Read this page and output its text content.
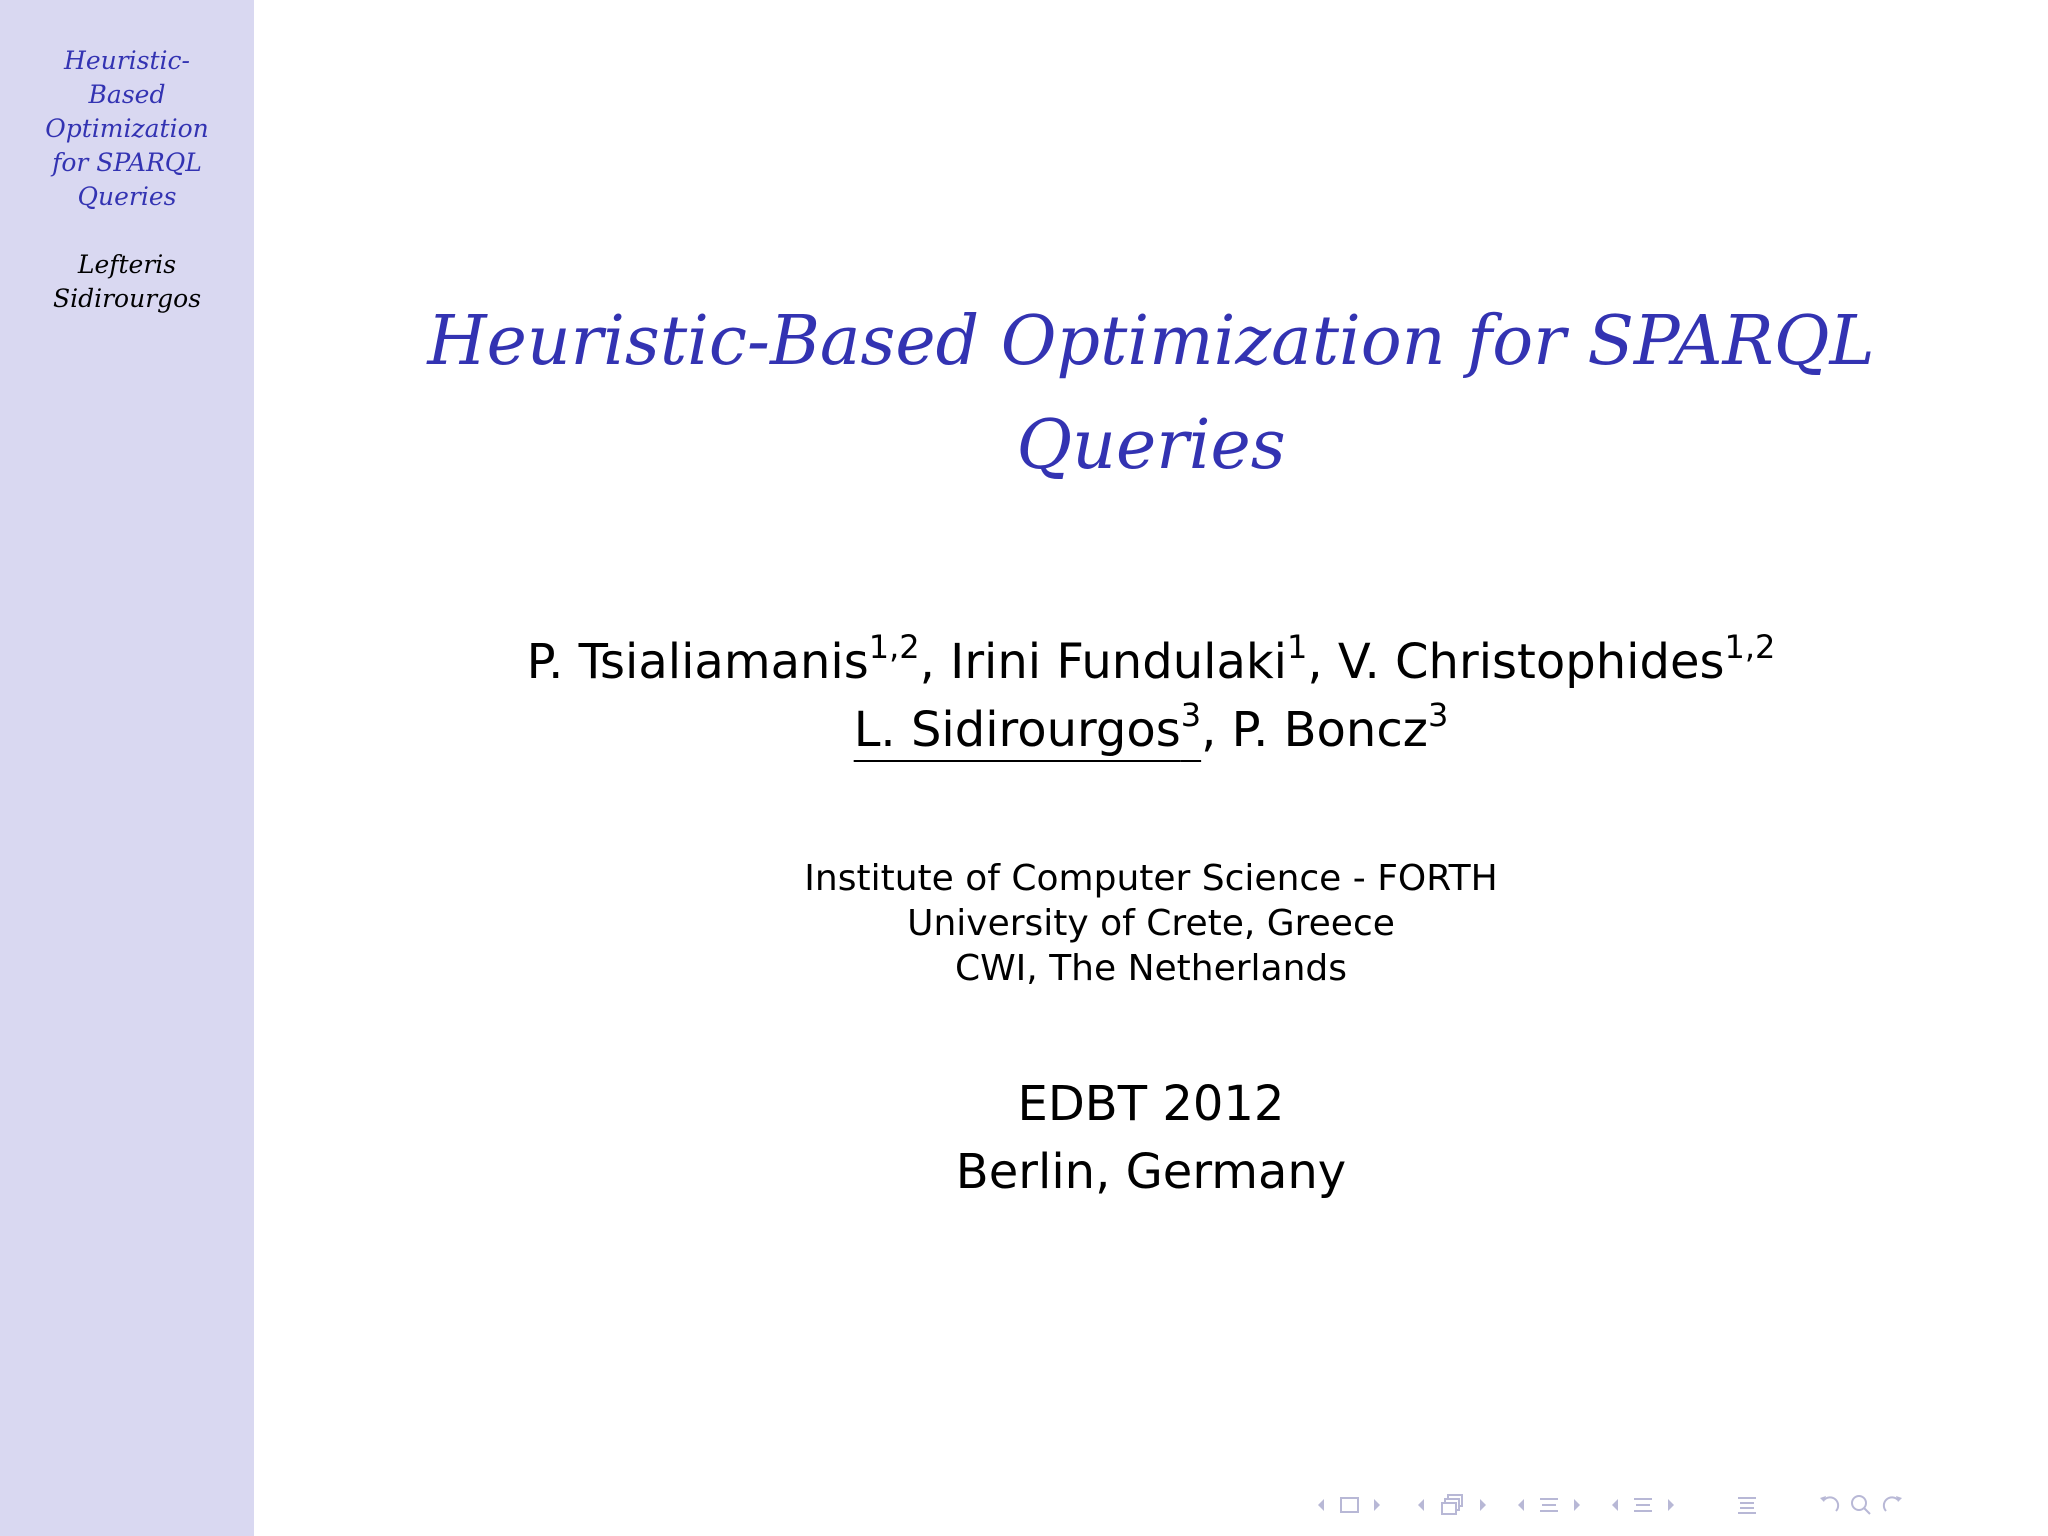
Heuristic-
Based
Optimization
for SPARQL
Queries
Lefteris
Sidirourgos
Heuristic-Based Optimization for SPARQL
Queries
P. Tsialiamanis$^{1,2}$, Irini Fundulaki$^1$, V. Christophides$^{1,2}$
L. Sidirourgos$^3$, P. Boncz$^3$
Institute of Computer Science - FORTH
University of Crete, Greece
CWI, The Netherlands
EDBT 2012
Berlin, Germany
